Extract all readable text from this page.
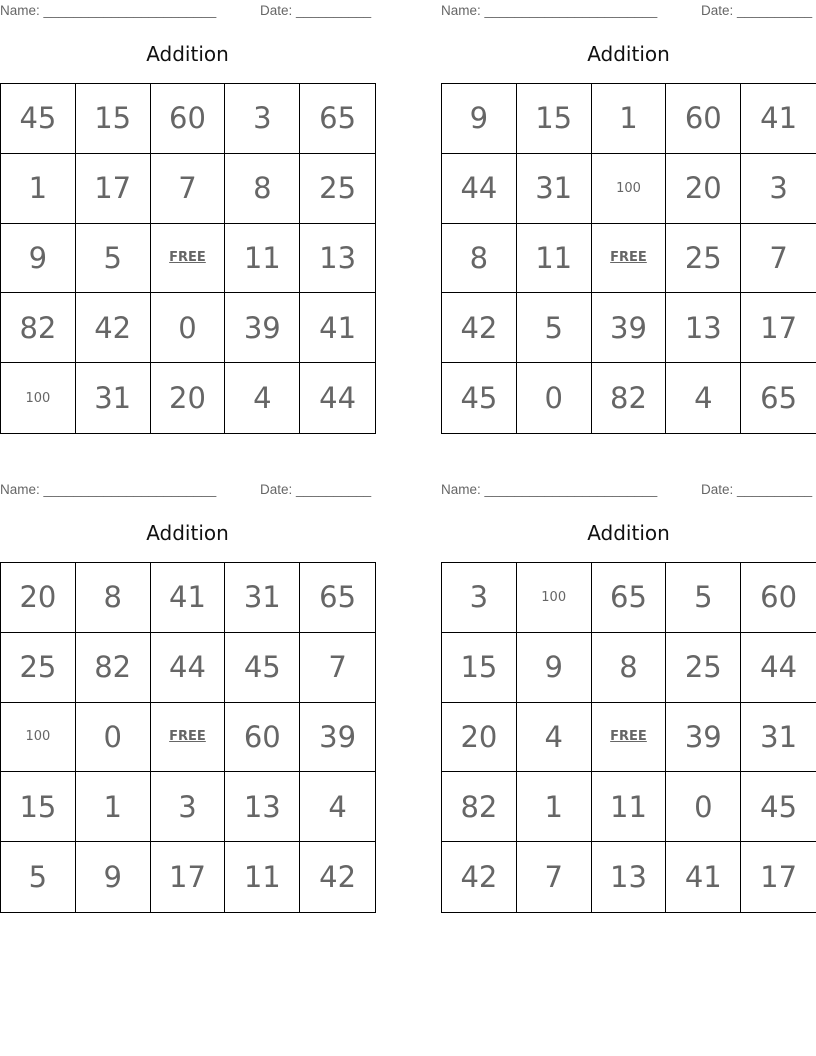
Name: _______________________	Date: __________
Addition
45	15	60	3	65
1	17	7	8	25
9	5	FREE	11	13
82	42	0	39	41
100	31	20	4	44
Name: _______________________	Date: __________
Addition
9	15	1	60	41
44	31	100	20	3
8	11	FREE	25	7
42	5	39	13	17
45	0	82	4	65
Name: _______________________	Date: __________
Addition
20	8	41	31	65
25	82	44	45	7
100	0	FREE	60	39
15	1	3	13	4
5	9	17	11	42
Name: _______________________	Date: __________
Addition
3	100	65	5	60
15	9	8	25	44
20	4	FREE	39	31
82	1	11	0	45
42	7	13	41	17
